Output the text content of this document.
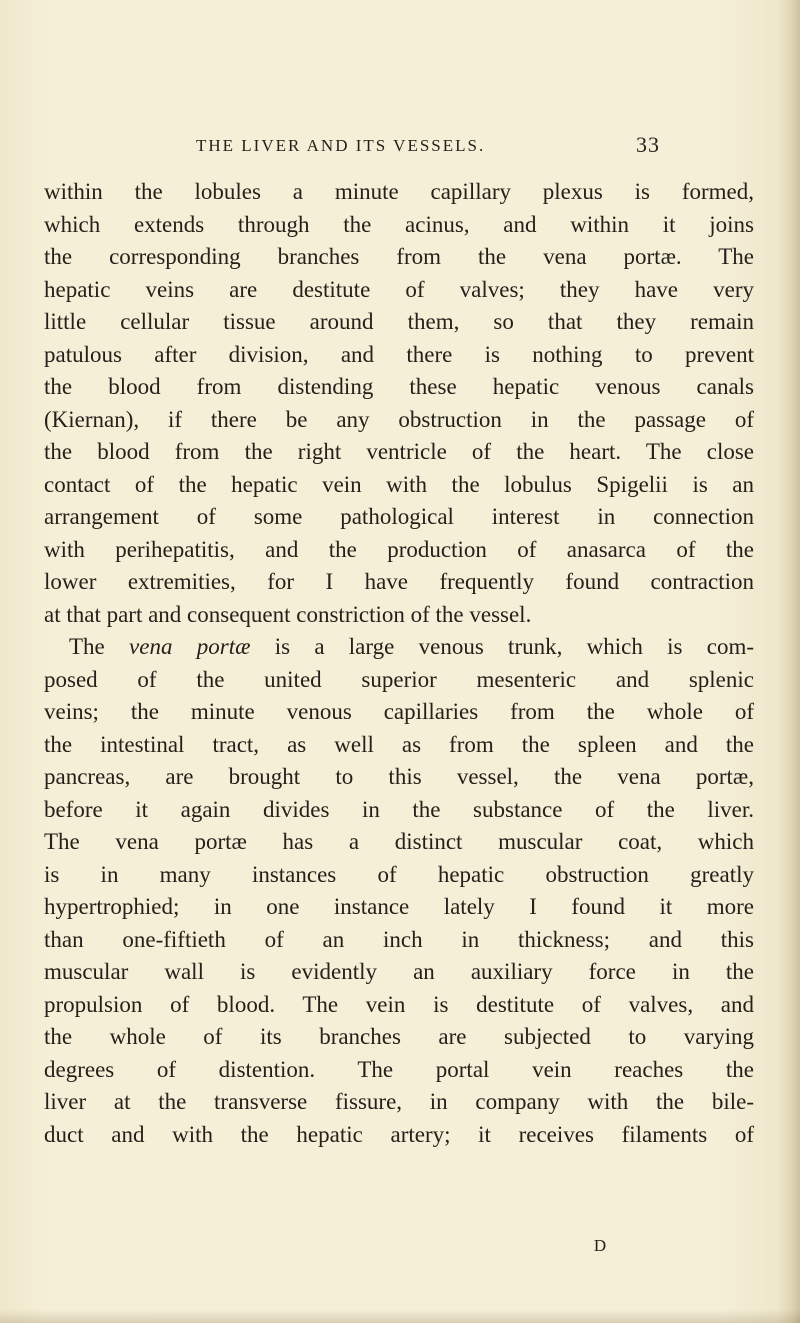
THE LIVER AND ITS VESSELS.	33
within the lobules a minute capillary plexus is formed,
which extends through the acinus, and within it joins
the corresponding branches from the vena portæ. The
hepatic veins are destitute of valves; they have very
little cellular tissue around them, so that they remain
patulous after division, and there is nothing to prevent
the blood from distending these hepatic venous canals
(Kiernan), if there be any obstruction in the passage of
the blood from the right ventricle of the heart. The close
contact of the hepatic vein with the lobulus Spigelii is an
arrangement of some pathological interest in connection
with perihepatitis, and the production of anasarca of the
lower extremities, for I have frequently found contraction
at that part and consequent constriction of the vessel.
The vena portæ is a large venous trunk, which is com-
posed of the united superior mesenteric and splenic
veins; the minute venous capillaries from the whole of
the intestinal tract, as well as from the spleen and the
pancreas, are brought to this vessel, the vena portæ,
before it again divides in the substance of the liver.
The vena portæ has a distinct muscular coat, which
is in many instances of hepatic obstruction greatly
hypertrophied; in one instance lately I found it more
than one-fiftieth of an inch in thickness; and this
muscular wall is evidently an auxiliary force in the
propulsion of blood. The vein is destitute of valves, and
the whole of its branches are subjected to varying
degrees of distention. The portal vein reaches the
liver at the transverse fissure, in company with the bile-
duct and with the hepatic artery; it receives filaments of
D
